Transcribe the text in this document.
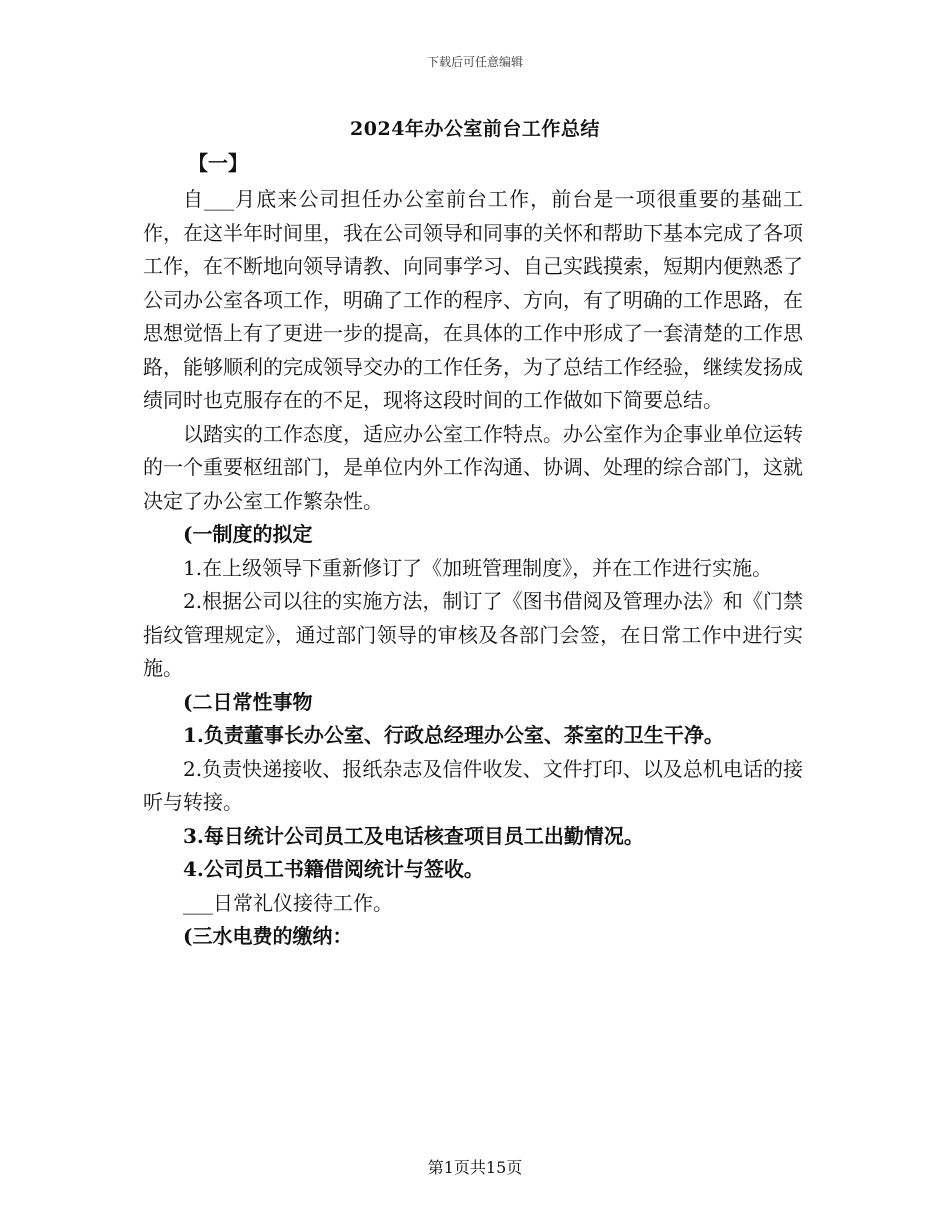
下载后可任意编辑
2024年办公室前台工作总结
【一】

自___月底来公司担任办公室前台工作，前台是一项很重要的基础工作，在这半年时间里，我在公司领导和同事的关怀和帮助下基本完成了各项工作，在不断地向领导请教、向同事学习、自己实践摸索，短期内便熟悉了公司办公室各项工作，明确了工作的程序、方向，有了明确的工作思路，在思想觉悟上有了更进一步的提高，在具体的工作中形成了一套清楚的工作思路，能够顺利的完成领导交办的工作任务，为了总结工作经验，继续发扬成绩同时也克服存在的不足，现将这段时间的工作做如下简要总结。

以踏实的工作态度，适应办公室工作特点。办公室作为企事业单位运转的一个重要枢纽部门，是单位内外工作沟通、协调、处理的综合部门，这就决定了办公室工作繁杂性。

(一制度的拟定

1.在上级领导下重新修订了《加班管理制度》，并在工作进行实施。

2.根据公司以往的实施方法，制订了《图书借阅及管理办法》和《门禁指纹管理规定》，通过部门领导的审核及各部门会签，在日常工作中进行实施。

(二日常性事物

1.负责董事长办公室、行政总经理办公室、茶室的卫生干净。

2.负责快递接收、报纸杂志及信件收发、文件打印、以及总机电话的接听与转接。

3.每日统计公司员工及电话核查项目员工出勤情况。

4.公司员工书籍借阅统计与签收。

___日常礼仪接待工作。

(三水电费的缴纳：

第1页共15页
